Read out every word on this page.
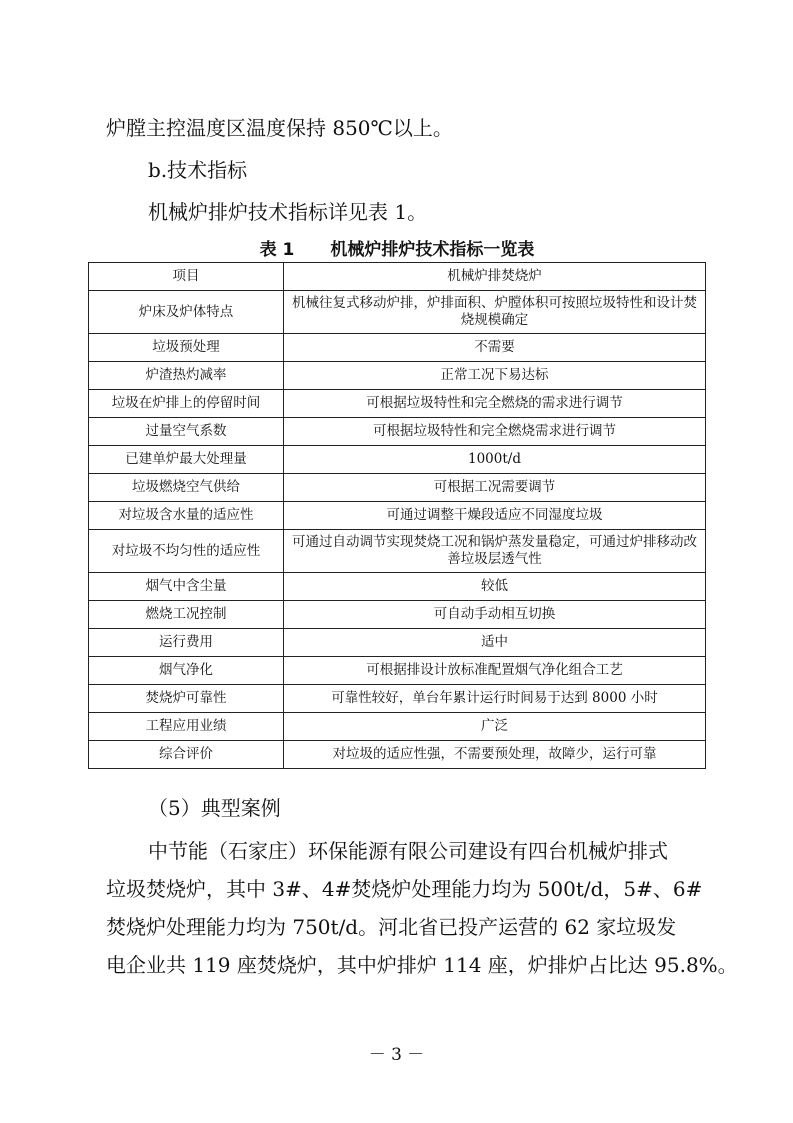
炉膛主控温度区温度保持 850℃以上。

b.技术指标

机械炉排炉技术指标详见表 1。

表 1 机械炉排炉技术指标一览表

项目	机械炉排焚烧炉
炉床及炉体特点	机械往复式移动炉排，炉排面积、炉膛体积可按照垃圾特性和设计焚烧规模确定
垃圾预处理	不需要
炉渣热灼减率	正常工况下易达标
垃圾在炉排上的停留时间	可根据垃圾特性和完全燃烧的需求进行调节
过量空气系数	可根据垃圾特性和完全燃烧需求进行调节
已建单炉最大处理量	1000t/d
垃圾燃烧空气供给	可根据工况需要调节
对垃圾含水量的适应性	可通过调整干燥段适应不同湿度垃圾
对垃圾不均匀性的适应性	可通过自动调节实现焚烧工况和锅炉蒸发量稳定，可通过炉排移动改善垃圾层透气性
烟气中含尘量	较低
燃烧工况控制	可自动手动相互切换
运行费用	适中
烟气净化	可根据排设计放标准配置烟气净化组合工艺
焚烧炉可靠性	可靠性较好，单台年累计运行时间易于达到 8000 小时
工程应用业绩	广泛
综合评价	对垃圾的适应性强，不需要预处理，故障少，运行可靠

（5）典型案例

中节能（石家庄）环保能源有限公司建设有四台机械炉排式
垃圾焚烧炉，其中 3#、4#焚烧炉处理能力均为 500t/d，5#、6#
焚烧炉处理能力均为 750t/d。河北省已投产运营的 62 家垃圾发
电企业共 119 座焚烧炉，其中炉排炉 114 座，炉排炉占比达 95.8%。

－ 3 －
